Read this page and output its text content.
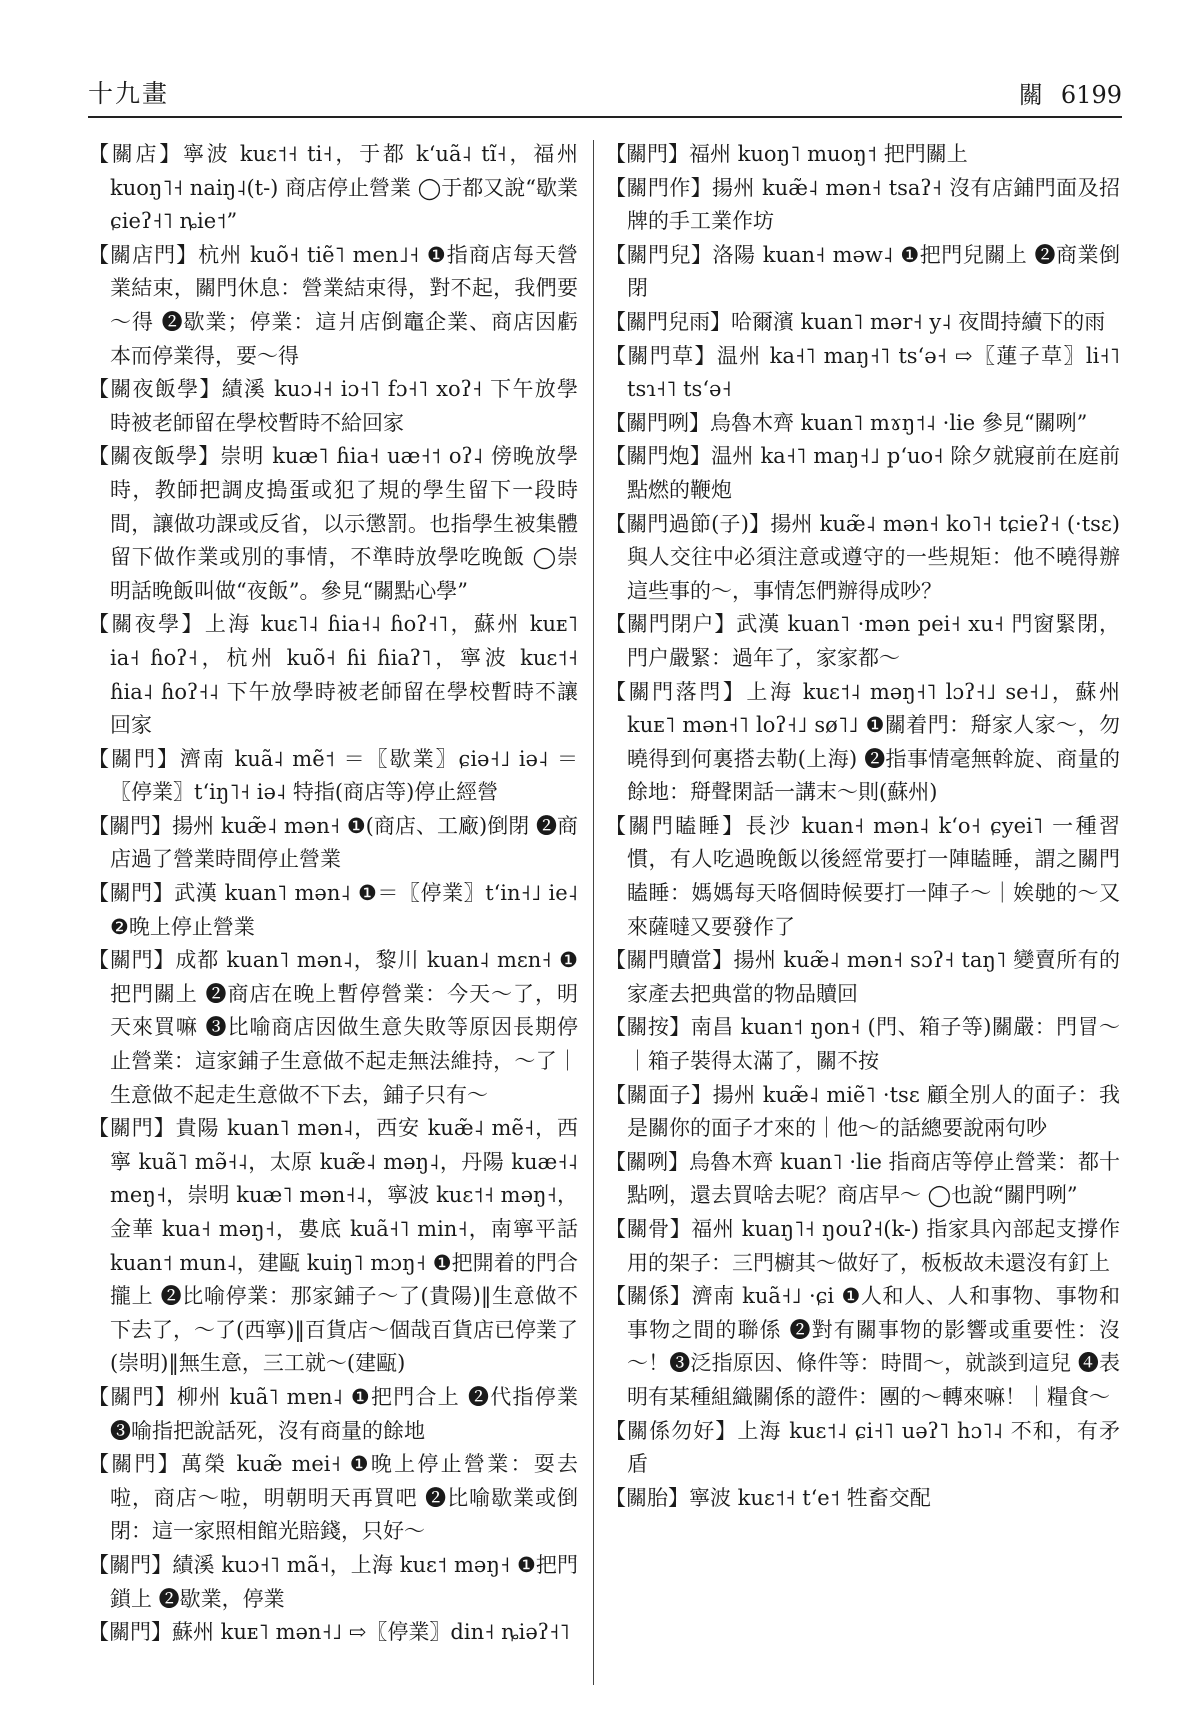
十九畫	關 6199
【關店】寧波 kuɛ˦˧ ti˧，于都 kʻuã˨ tĩ˧，福州 kuoŋ˥˧ naiŋ˨(t-) 商店停止營業 ◯于都又說“歇業 ɕieʔ˧˥ ȵie˦”
【關店門】杭州 kuõ˧ tiẽ˥ men˩˧ ❶指商店每天營業結束，關門休息：營業結束得，對不起，我們要～得 ❷歇業；停業：這爿店倒竈企業、商店因虧本而停業得，要～得
【關夜飯學】績溪 kuɔ˨˧ iɔ˧˥ fɔ˧˥ xoʔ˧ 下午放學時被老師留在學校暫時不給回家
【關夜飯學】崇明 kuæ˥ ɦia˧ uæ˧˦ oʔ˨ 傍晚放學時，教師把調皮搗蛋或犯了規的學生留下一段時間，讓做功課或反省，以示懲罰。也指學生被集體留下做作業或別的事情，不準時放學吃晚飯 ◯崇明話晚飯叫做“夜飯”。參見“關點心學”
【關夜學】上海 kuɛ˥˨ ɦia˧˨ ɦoʔ˧˥，蘇州 kuᴇ˥ ia˧ ɦoʔ˧，杭州 kuõ˧ ɦi ɦiaʔ˥，寧波 kuɛ˦˧ ɦia˨ ɦoʔ˧˨ 下午放學時被老師留在學校暫時不讓回家
【關門】濟南 kuã˨ mẽ˦ ＝〖歇業〗ɕiə˧˩ iə˨ ＝〖停業〗tʻiŋ˥˧ iə˨ 特指(商店等)停止經營
【關門】揚州 kuæ̃˨ mən˧ ❶(商店、工廠)倒閉 ❷商店過了營業時間停止營業
【關門】武漢 kuan˥ mən˨ ❶＝〖停業〗tʻin˧˩ ie˨ ❷晚上停止營業
【關門】成都 kuan˥ mən˨，黎川 kuan˨ mɛn˧ ❶把門關上 ❷商店在晚上暫停營業：今天～了，明天來買嘛 ❸比喻商店因做生意失敗等原因長期停止營業：這家鋪子生意做不起走無法維持，～了｜生意做不起走生意做不下去，鋪子只有～
【關門】貴陽 kuan˥ mən˨，西安 kuæ̃˨ mẽ˧，西寧 kuã˥ mə̃˧˨，太原 kuæ̃˨ məŋ˨，丹陽 kuæ˧˨ meŋ˧，崇明 kuæ˥ mən˧˨，寧波 kuɛ˦˧ məŋ˧，金華 kua˧ məŋ˧，婁底 kuã˧˥ min˧，南寧平話 kuan˦ mun˨，建甌 kuiŋ˥ mɔŋ˧ ❶把開着的門合攏上 ❷比喻停業：那家鋪子～了(貴陽)‖生意做不下去了，～了(西寧)‖百貨店～個哉百貨店已停業了(崇明)‖無生意，三工就～(建甌)
【關門】柳州 kuã˥ mɐn˨ ❶把門合上 ❷代指停業 ❸喻指把說話死，沒有商量的餘地
【關門】萬榮 kuæ̃ mei˧ ❶晚上停止營業：耍去啦，商店～啦，明朝明天再買吧 ❷比喻歇業或倒閉：這一家照相館光賠錢，只好～
【關門】績溪 kuɔ˧˥ mã˧，上海 kuɛ˦ məŋ˧ ❶把門鎖上 ❷歇業，停業
【關門】蘇州 kuᴇ˥ mən˧˩ ⇨〖停業〗din˧ ȵiəʔ˧˥
【關門】福州 kuoŋ˥ muoŋ˦ 把門關上
【關門作】揚州 kuæ̃˨ mən˧ tsaʔ˧ 沒有店鋪門面及招牌的手工業作坊
【關門兒】洛陽 kuan˧ məw˨ ❶把門兒關上 ❷商業倒閉
【關門兒雨】哈爾濱 kuan˥ mər˧ y˨ 夜間持續下的雨
【關門草】温州 ka˧˥ maŋ˧˥ tsʻə˧ ⇨〖蓮子草〗li˧˥ tsɿ˧˥ tsʻə˧
【關門咧】烏魯木齊 kuan˥ mɤŋ˦˨ ·lie 參見“關咧”
【關門炮】温州 ka˧˥ maŋ˧˩ pʻuo˧ 除夕就寢前在庭前點燃的鞭炮
【關門過節(子)】揚州 kuæ̃˨ mən˧ ko˥˧ tɕieʔ˧ (·tsɛ) 與人交往中必須注意或遵守的一些規矩：他不曉得辦這些事的～，事情怎們辦得成吵？
【關門閉户】武漢 kuan˥ ·mən pei˧ xu˧ 門窗緊閉，門户嚴緊：過年了，家家都～
【關門落閂】上海 kuɛ˦˨ məŋ˧˥ lɔʔ˧˩ se˧˩，蘇州 kuᴇ˥ mən˧˥ loʔ˧˩ sø˥˩ ❶關着門：搿家人家～，勿曉得到何裏搭去勒(上海) ❷指事情毫無斡旋、商量的餘地：搿聲閑話一講末～則(蘇州)
【關門瞌睡】長沙 kuan˧ mən˨ kʻo˧ ɕyei˥ 一種習慣，有人吃過晚飯以後經常要打一陣瞌睡，謂之關門瞌睡：媽媽每天咯個時候要打一陣子～｜娭毑的～又來薩噠又要發作了
【關門贖當】揚州 kuæ̃˨ mən˧ sɔʔ˧ taŋ˥ 變賣所有的家產去把典當的物品贖回
【關按】南昌 kuan˦ ŋon˧ (門、箱子等)關嚴：門冒～｜箱子裝得太滿了，關不按
【關面子】揚州 kuæ̃˨ miẽ˥ ·tsɛ 顧全別人的面子：我是關你的面子才來的｜他～的話總要說兩句吵
【關咧】烏魯木齊 kuan˥ ·lie 指商店等停止營業：都十點咧，還去買啥去呢？商店早～ ◯也說“關門咧”
【關骨】福州 kuaŋ˥˧ ŋouʔ˧(k-) 指家具內部起支撐作用的架子：三門櫥其～做好了，板板故未還沒有釘上
【關係】濟南 kuã˧˩ ·ɕi ❶人和人、人和事物、事物和事物之間的聯係 ❷對有關事物的影響或重要性：沒～！❸泛指原因、條件等：時間～，就談到這兒 ❹表明有某種組織關係的證件：團的～轉來嘛！｜糧食～
【關係勿好】上海 kuɛ˦˨ ɕi˧˥ uəʔ˥ hɔ˥˨ 不和，有矛盾
【關胎】寧波 kuɛ˦˧ tʻe˦ 牲畜交配
